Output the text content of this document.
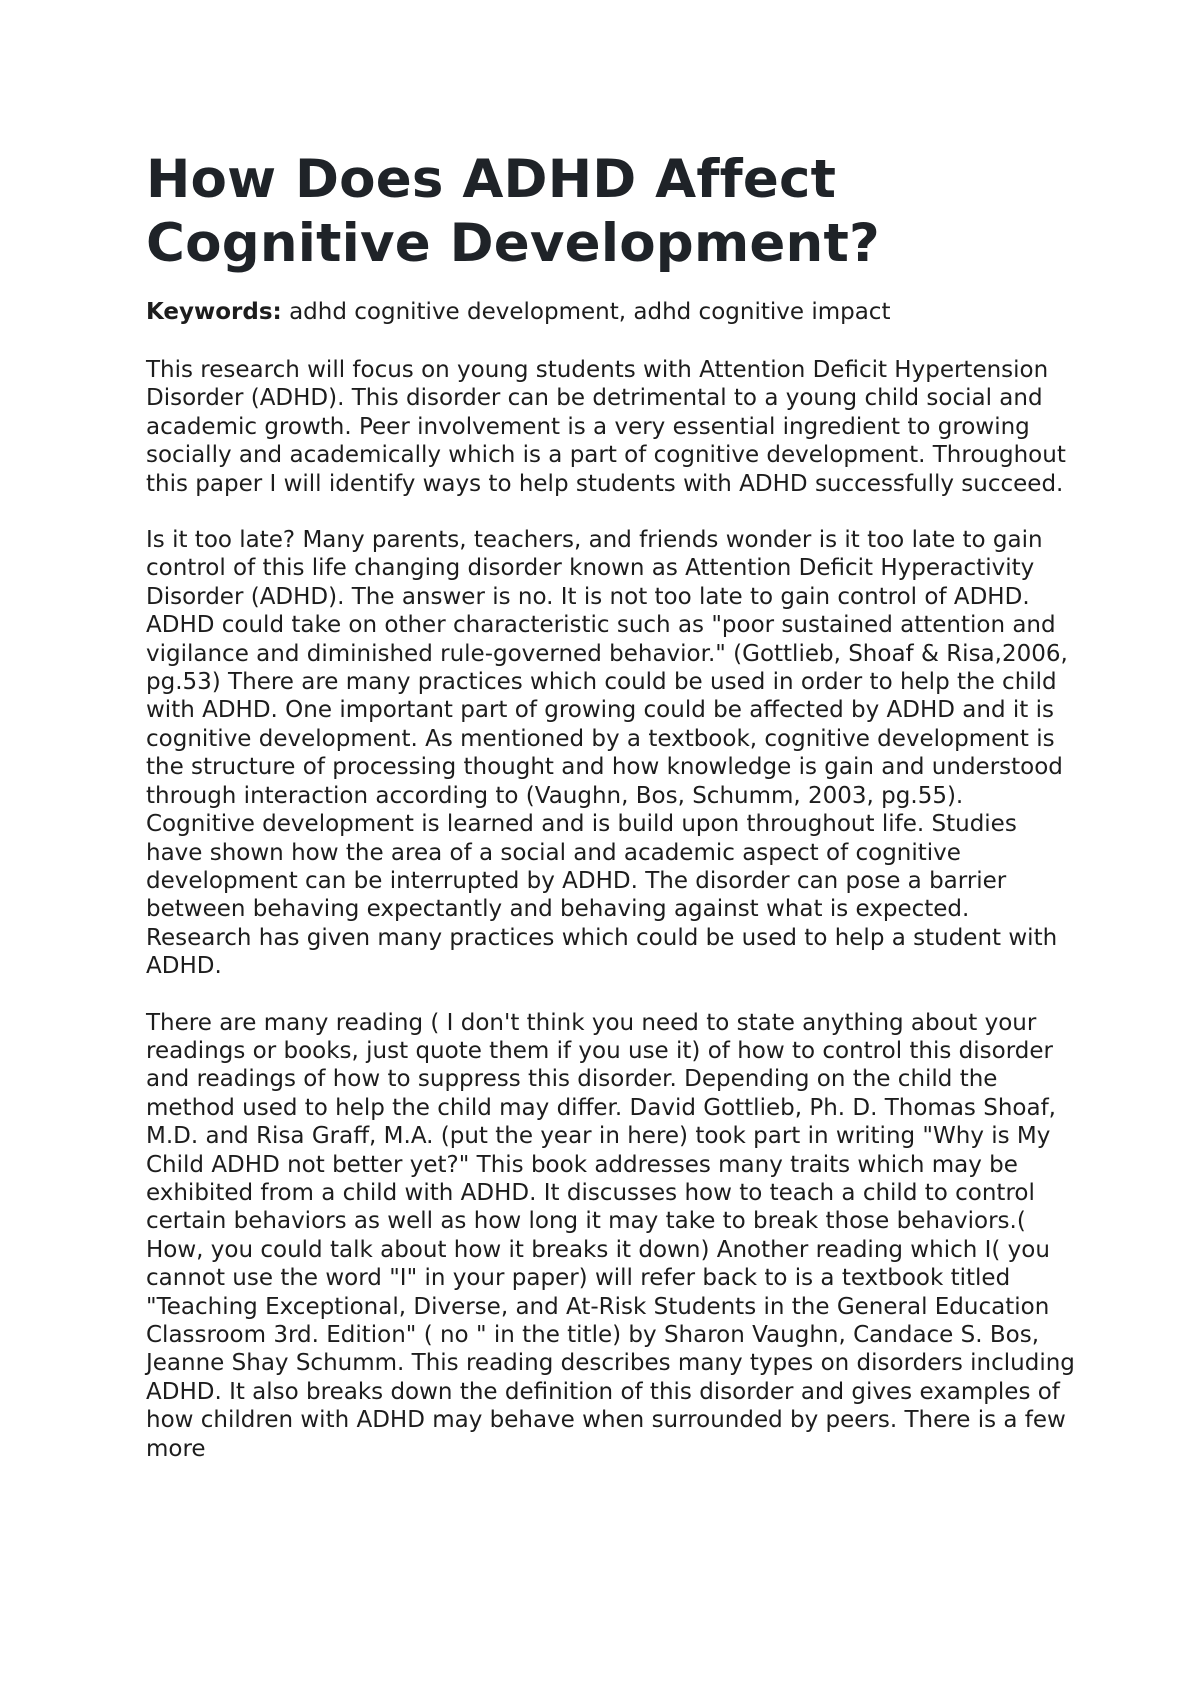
How Does ADHD Affect Cognitive Development?

Keywords: adhd cognitive development, adhd cognitive impact

This research will focus on young students with Attention Deficit Hypertension Disorder (ADHD). This disorder can be detrimental to a young child social and academic growth. Peer involvement is a very essential ingredient to growing socially and academically which is a part of cognitive development. Throughout this paper I will identify ways to help students with ADHD successfully succeed.

Is it too late? Many parents, teachers, and friends wonder is it too late to gain control of this life changing disorder known as Attention Deficit Hyperactivity Disorder (ADHD). The answer is no. It is not too late to gain control of ADHD. ADHD could take on other characteristic such as "poor sustained attention and vigilance and diminished rule-governed behavior." (Gottlieb, Shoaf & Risa,2006, pg.53) There are many practices which could be used in order to help the child with ADHD. One important part of growing could be affected by ADHD and it is cognitive development. As mentioned by a textbook, cognitive development is the structure of processing thought and how knowledge is gain and understood through interaction according to (Vaughn, Bos, Schumm, 2003, pg.55). Cognitive development is learned and is build upon throughout life. Studies have shown how the area of a social and academic aspect of cognitive development can be interrupted by ADHD. The disorder can pose a barrier between behaving expectantly and behaving against what is expected. Research has given many practices which could be used to help a student with ADHD.

There are many reading ( I don't think you need to state anything about your readings or books, just quote them if you use it) of how to control this disorder and readings of how to suppress this disorder. Depending on the child the method used to help the child may differ. David Gottlieb, Ph. D. Thomas Shoaf, M.D. and Risa Graff, M.A. (put the year in here) took part in writing "Why is My Child ADHD not better yet?" This book addresses many traits which may be exhibited from a child with ADHD. It discusses how to teach a child to control certain behaviors as well as how long it may take to break those behaviors.( How, you could talk about how it breaks it down) Another reading which I( you cannot use the word "I" in your paper) will refer back to is a textbook titled "Teaching Exceptional, Diverse, and At-Risk Students in the General Education Classroom 3rd. Edition" ( no " in the title) by Sharon Vaughn, Candace S. Bos, Jeanne Shay Schumm. This reading describes many types on disorders including ADHD. It also breaks down the definition of this disorder and gives examples of how children with ADHD may behave when surrounded by peers. There is a few more
